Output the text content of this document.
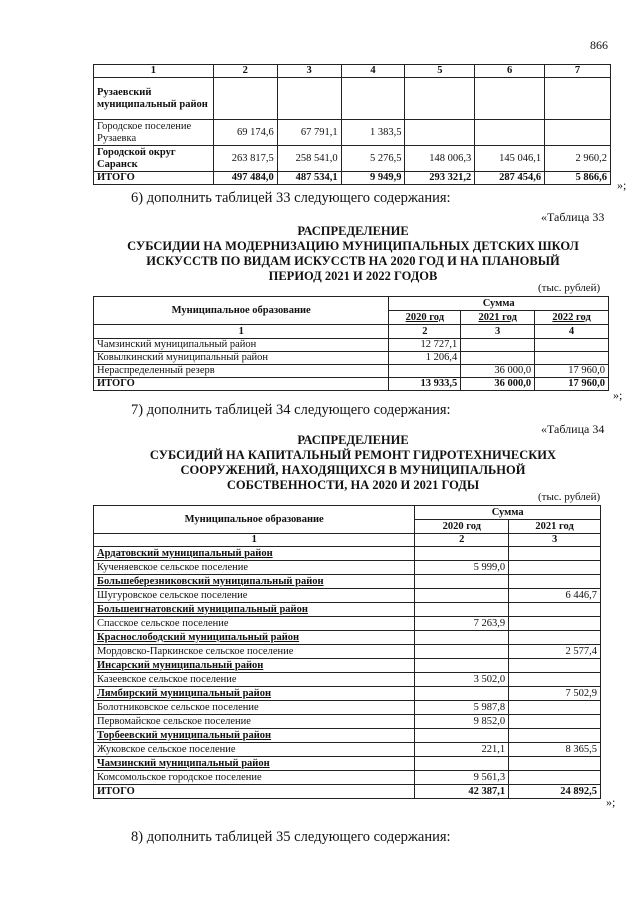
866
1	2	3	4	5	6	7
Рузаевский муниципальный район						
Городское поселение Рузаевка	69 174,6	67 791,1	1 383,5			
Городской округ Саранск	263 817,5	258 541,0	5 276,5	148 006,3	145 046,1	2 960,2
ИТОГО	497 484,0	487 534,1	9 949,9	293 321,2	287 454,6	5 866,6
»;
6) дополнить таблицей 33 следующего содержания:
«Таблица 33
РАСПРЕДЕЛЕНИЕ
СУБСИДИИ НА МОДЕРНИЗАЦИЮ МУНИЦИПАЛЬНЫХ ДЕТСКИХ ШКОЛ
ИСКУССТВ ПО ВИДАМ ИСКУССТВ НА 2020 ГОД И НА ПЛАНОВЫЙ
ПЕРИОД 2021 И 2022 ГОДОВ
(тыс. рублей)
Муниципальное образование	Сумма		
	2020 год	2021 год	2022 год
1	2	3	4
Чамзинский муниципальный район	12 727,1		
Ковылкинский муниципальный район	1 206,4		
Нераспределенный резерв		36 000,0	17 960,0
ИТОГО	13 933,5	36 000,0	17 960,0
»;
7) дополнить таблицей 34 следующего содержания:
«Таблица 34
РАСПРЕДЕЛЕНИЕ
СУБСИДИЙ НА КАПИТАЛЬНЫЙ РЕМОНТ ГИДРОТЕХНИЧЕСКИХ
СООРУЖЕНИЙ, НАХОДЯЩИХСЯ В МУНИЦИПАЛЬНОЙ
СОБСТВЕННОСТИ, НА 2020 И 2021 ГОДЫ
(тыс. рублей)
Муниципальное образование	Сумма	
	2020 год	2021 год
1	2	3
Ардатовский муниципальный район		
Кученяевское сельское поселение	5 999,0	
Большеберезниковский муниципальный район		
Шугуровское сельское поселение		6 446,7
Большеигнатовский муниципальный район		
Спасское сельское поселение	7 263,9	
Краснослободский муниципальный район		
Мордовско-Паркинское сельское поселение		2 577,4
Инсарский муниципальный район		
Казеевское сельское поселение	3 502,0	
Лямбирский муниципальный район		7 502,9
Болотниковское сельское поселение	5 987,8	
Первомайское сельское поселение	9 852,0	
Торбеевский муниципальный район		
Жуковское сельское поселение	221,1	8 365,5
Чамзинский муниципальный район		
Комсомольское городское поселение	9 561,3	
ИТОГО	42 387,1	24 892,5
»;
8) дополнить таблицей 35 следующего содержания:
